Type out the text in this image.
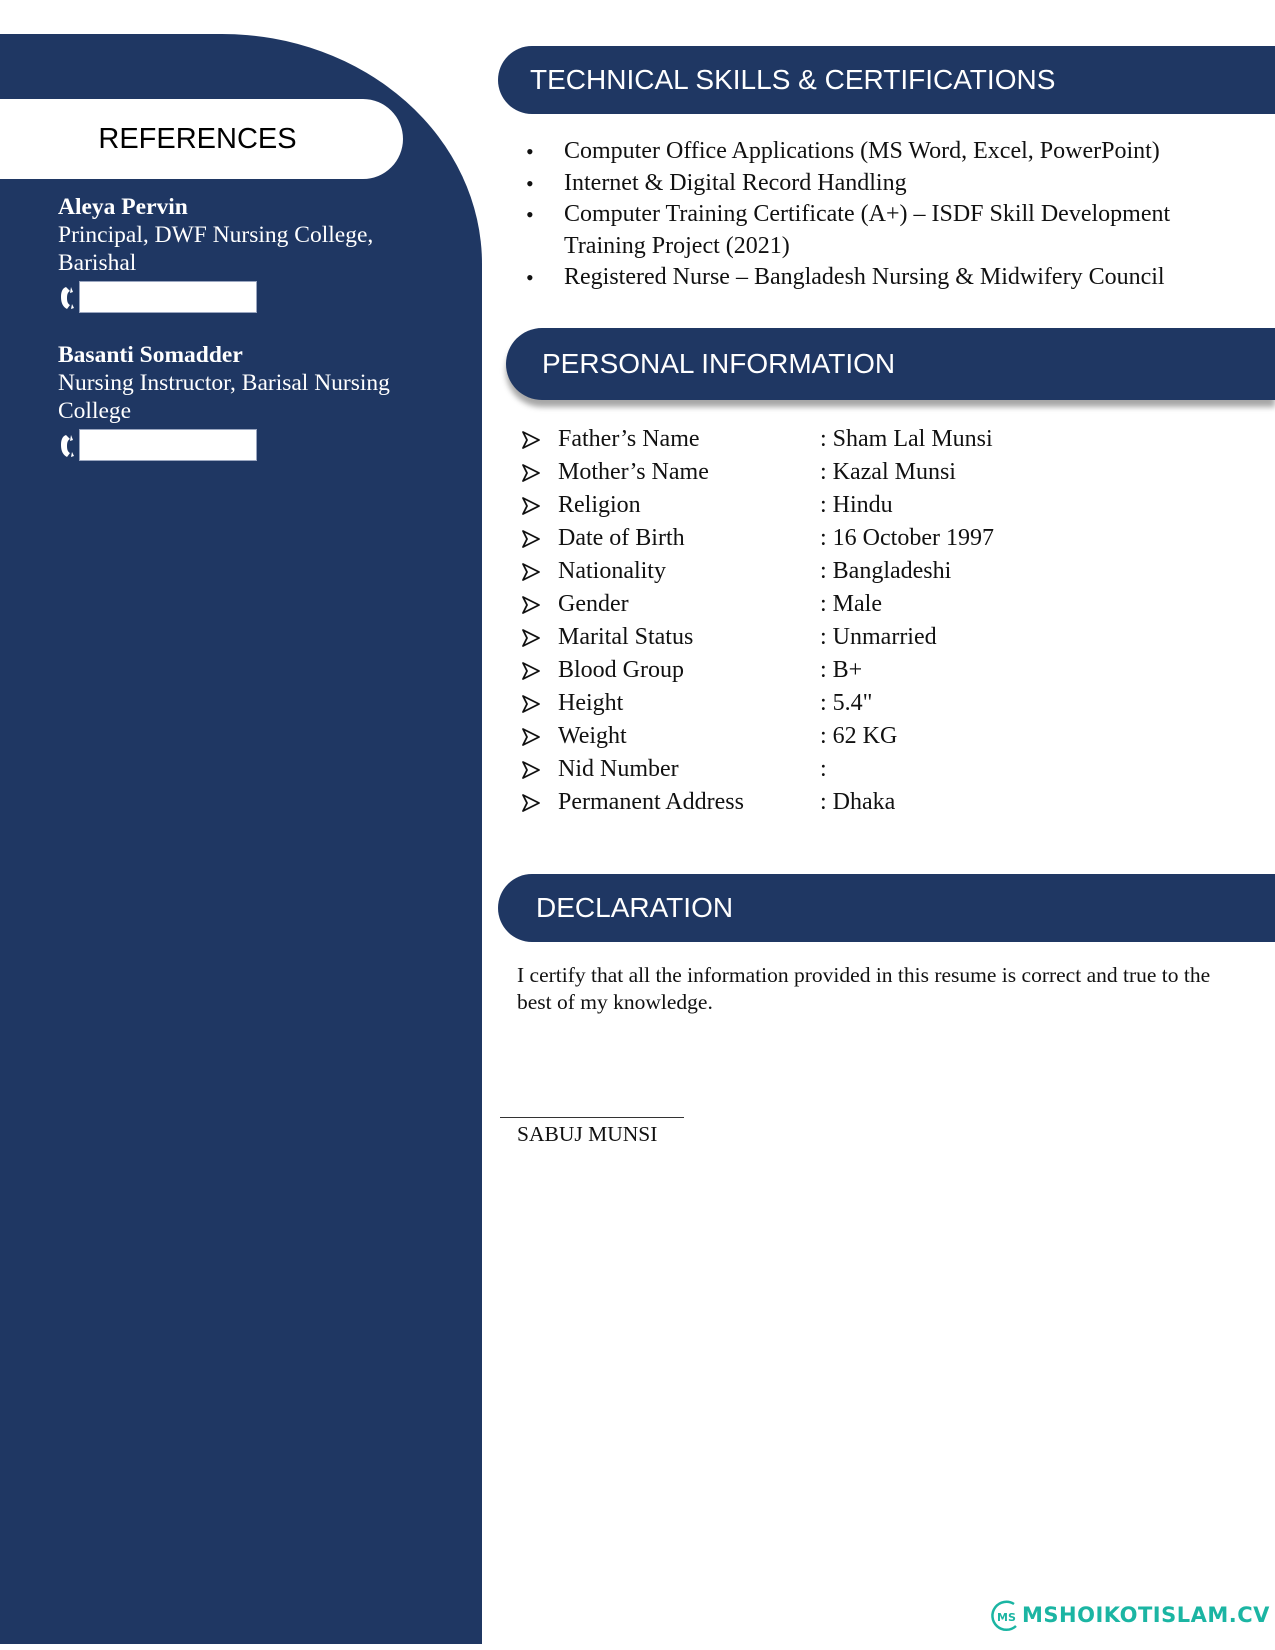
REFERENCES
Aleya Pervin
Principal, DWF Nursing College, Barishal
Basanti Somadder
Nursing Instructor, Barisal Nursing College
TECHNICAL SKILLS & CERTIFICATIONS
• Computer Office Applications (MS Word, Excel, PowerPoint)
• Internet & Digital Record Handling
• Computer Training Certificate (A+) – ISDF Skill Development Training Project (2021)
• Registered Nurse – Bangladesh Nursing & Midwifery Council
PERSONAL INFORMATION
Father’s Name	: Sham Lal Munsi
Mother’s Name	: Kazal Munsi
Religion	: Hindu
Date of Birth	: 16 October 1997
Nationality	: Bangladeshi
Gender	: Male
Marital Status	: Unmarried
Blood Group	: B+
Height	: 5.4"
Weight	: 62 KG
Nid Number	:
Permanent Address	: Dhaka
DECLARATION
I certify that all the information provided in this resume is correct and true to the best of my knowledge.
SABUJ MUNSI
MS MSHOIKOTISLAM.CV
